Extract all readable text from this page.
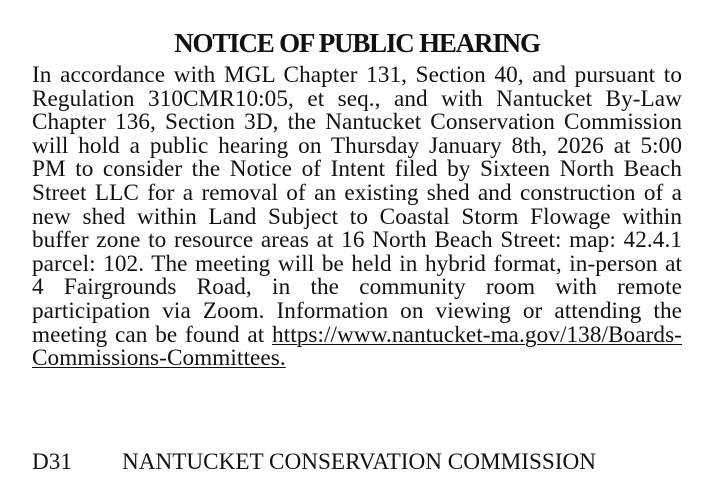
NOTICE OF PUBLIC HEARING

In accordance with MGL Chapter 131, Section 40, and pursuant to Regulation 310CMR10:05, et seq., and with Nantucket By-Law Chapter 136, Section 3D, the Nantucket Conservation Commission will hold a public hearing on Thursday January 8th, 2026 at 5:00 PM to consider the Notice of Intent filed by Sixteen North Beach Street LLC for a removal of an existing shed and construction of a new shed within Land Subject to Coastal Storm Flowage within buffer zone to resource areas at 16 North Beach Street: map: 42.4.1 parcel: 102. The meeting will be held in hybrid format, in-person at 4 Fairgrounds Road, in the community room with remote participation via Zoom. Information on viewing or attending the meeting can be found at https://www.nantucket-ma.gov/138/Boards-Commissions-Committees.

D31 NANTUCKET CONSERVATION COMMISSION
